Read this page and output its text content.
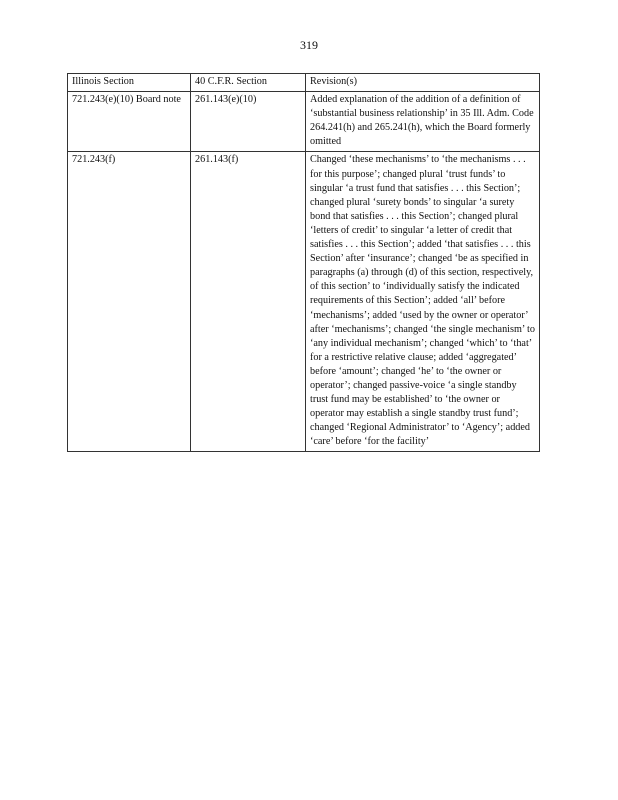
319
Illinois Section	40 C.F.R. Section	Revision(s)
721.243(e)(10) Board note	261.143(e)(10)	Added explanation of the addition of a definition of ‘substantial business relationship’ in 35 Ill. Adm. Code 264.241(h) and 265.241(h), which the Board formerly omitted
721.243(f)	261.143(f)	Changed ‘these mechanisms’ to ‘the mechanisms . . . for this purpose’; changed plural ‘trust funds’ to singular ‘a trust fund that satisfies . . . this Section’; changed plural ‘surety bonds’ to singular ‘a surety bond that satisfies . . . this Section’; changed plural ‘letters of credit’ to singular ‘a letter of credit that satisfies . . . this Section’; added ‘that satisfies . . . this Section’ after ‘insurance’; changed ‘be as specified in paragraphs (a) through (d) of this section, respectively, of this section’ to ‘individually satisfy the indicated requirements of this Section’; added ‘all’ before ‘mechanisms’; added ‘used by the owner or operator’ after ‘mechanisms’; changed ‘the single mechanism’ to ‘any individual mechanism’; changed ‘which’ to ‘that’ for a restrictive relative clause; added ‘aggregated’ before ‘amount’; changed ‘he’ to ‘the owner or operator’; changed passive-voice ‘a single standby trust fund may be established’ to ‘the owner or operator may establish a single standby trust fund’; changed ‘Regional Administrator’ to ‘Agency’; added ‘care’ before ‘for the facility’
